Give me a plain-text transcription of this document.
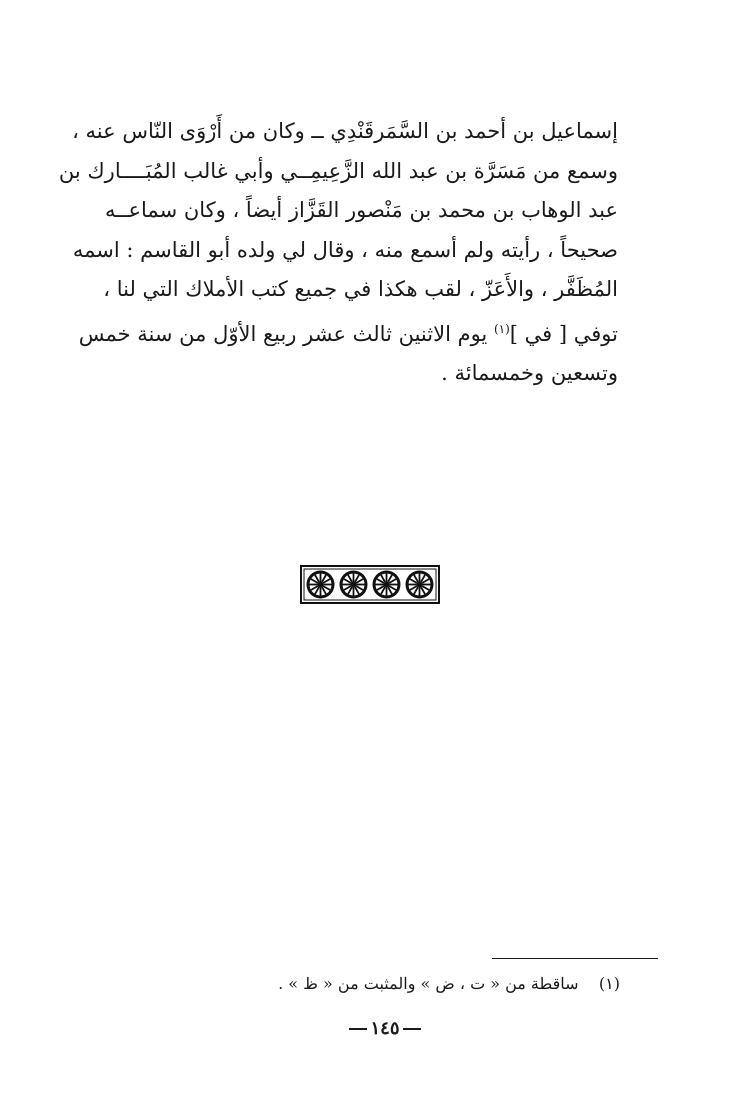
إسماعيل بن أحمد بن السَّمَرقَنْدِي ــ وكان من أَرْوَى النّاس عنه ،
وسمع من مَسَرَّة بن عبد الله الزَّعِيمِــي وأبي غالب المُبَــــارك بن
عبد الوهاب بن محمد بن مَنْصور القَزَّاز أيضاً ، وكان سماعــه
صحيحاً ، رأيته ولم أسمع منه ، وقال لي ولده أبو القاسم : اسمه
المُظَفَّر ، والأَعَزّ ، لقب هكذا في جميع كتب الأملاك التي لنا ،
توفي [ في ]$^{(١)}$ يوم الاثنين ثالث عشر ربيع الأوّل من سنة خمس
وتسعين وخمسمائة .
(١)    ساقطة من « ت ، ض » والمثبت من « ظ » .
١٤٥
